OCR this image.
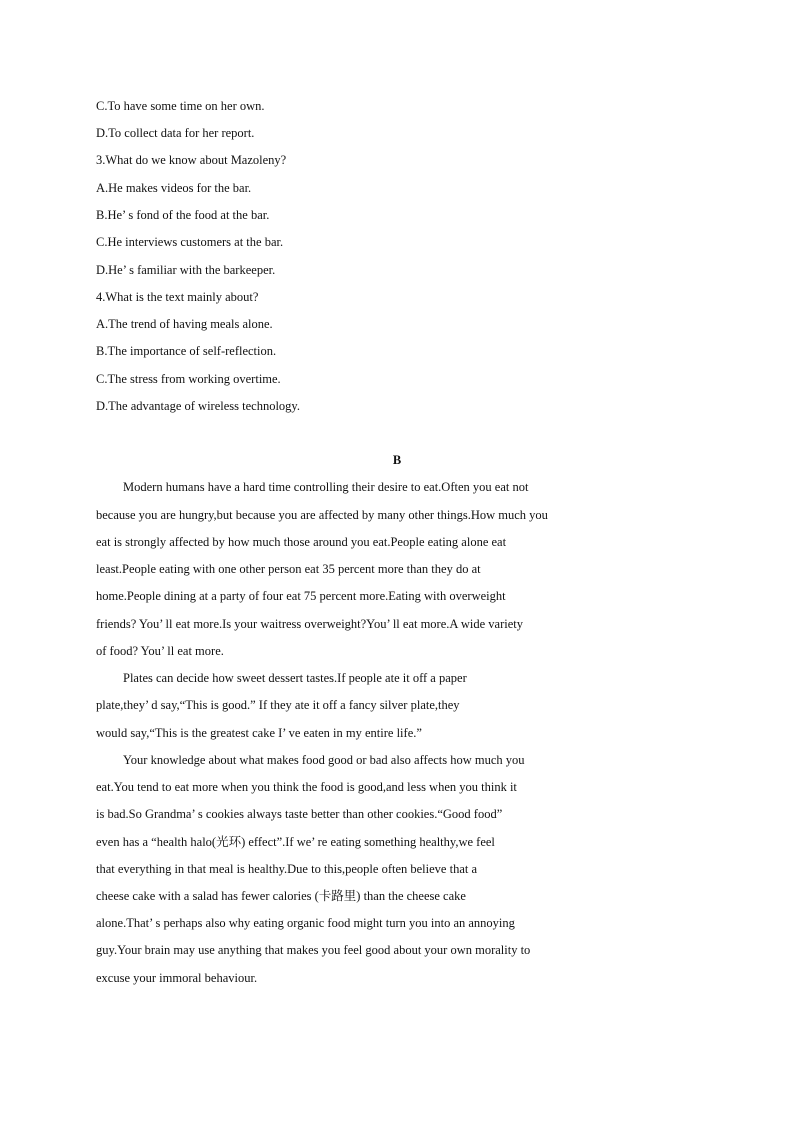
C.To have some time on her own.
D.To collect data for her report.
3.What do we know about Mazoleny?
A.He makes videos for the bar.
B.He’ s fond of the food at the bar.
C.He interviews customers at the bar.
D.He’ s familiar with the barkeeper.
4.What is the text mainly about?
A.The trend of having meals alone.
B.The importance of self-reflection.
C.The stress from working overtime.
D.The advantage of wireless technology.
B
Modern humans have a hard time controlling their desire to eat.Often you eat not
because you are hungry,but because you are affected by many other things.How much you
eat is strongly affected by how much those around you eat.People eating alone eat
least.People eating with one other person eat 35 percent more than they do at
home.People dining at a party of four eat 75 percent more.Eating with overweight
friends? You’ ll eat more.Is your waitress overweight?You’ ll eat more.A wide variety
of food? You’ ll eat more.
Plates can decide how sweet dessert tastes.If people ate it off a paper
plate,they’ d say,“This is good.” If they ate it off a fancy silver plate,they
would say,“This is the greatest cake I’ ve eaten in my entire life.”
Your knowledge about what makes food good or bad also affects how much you
eat.You tend to eat more when you think the food is good,and less when you think it
is bad.So Grandma’ s cookies always taste better than other cookies.“Good food”
even has a “health halo(光环) effect”.If we’ re eating something healthy,we feel
that everything in that meal is healthy.Due to this,people often believe that a
cheese cake with a salad has fewer calories (卡路里) than the cheese cake
alone.That’ s perhaps also why eating organic food might turn you into an annoying
guy.Your brain may use anything that makes you feel good about your own morality to
excuse your immoral behaviour.
